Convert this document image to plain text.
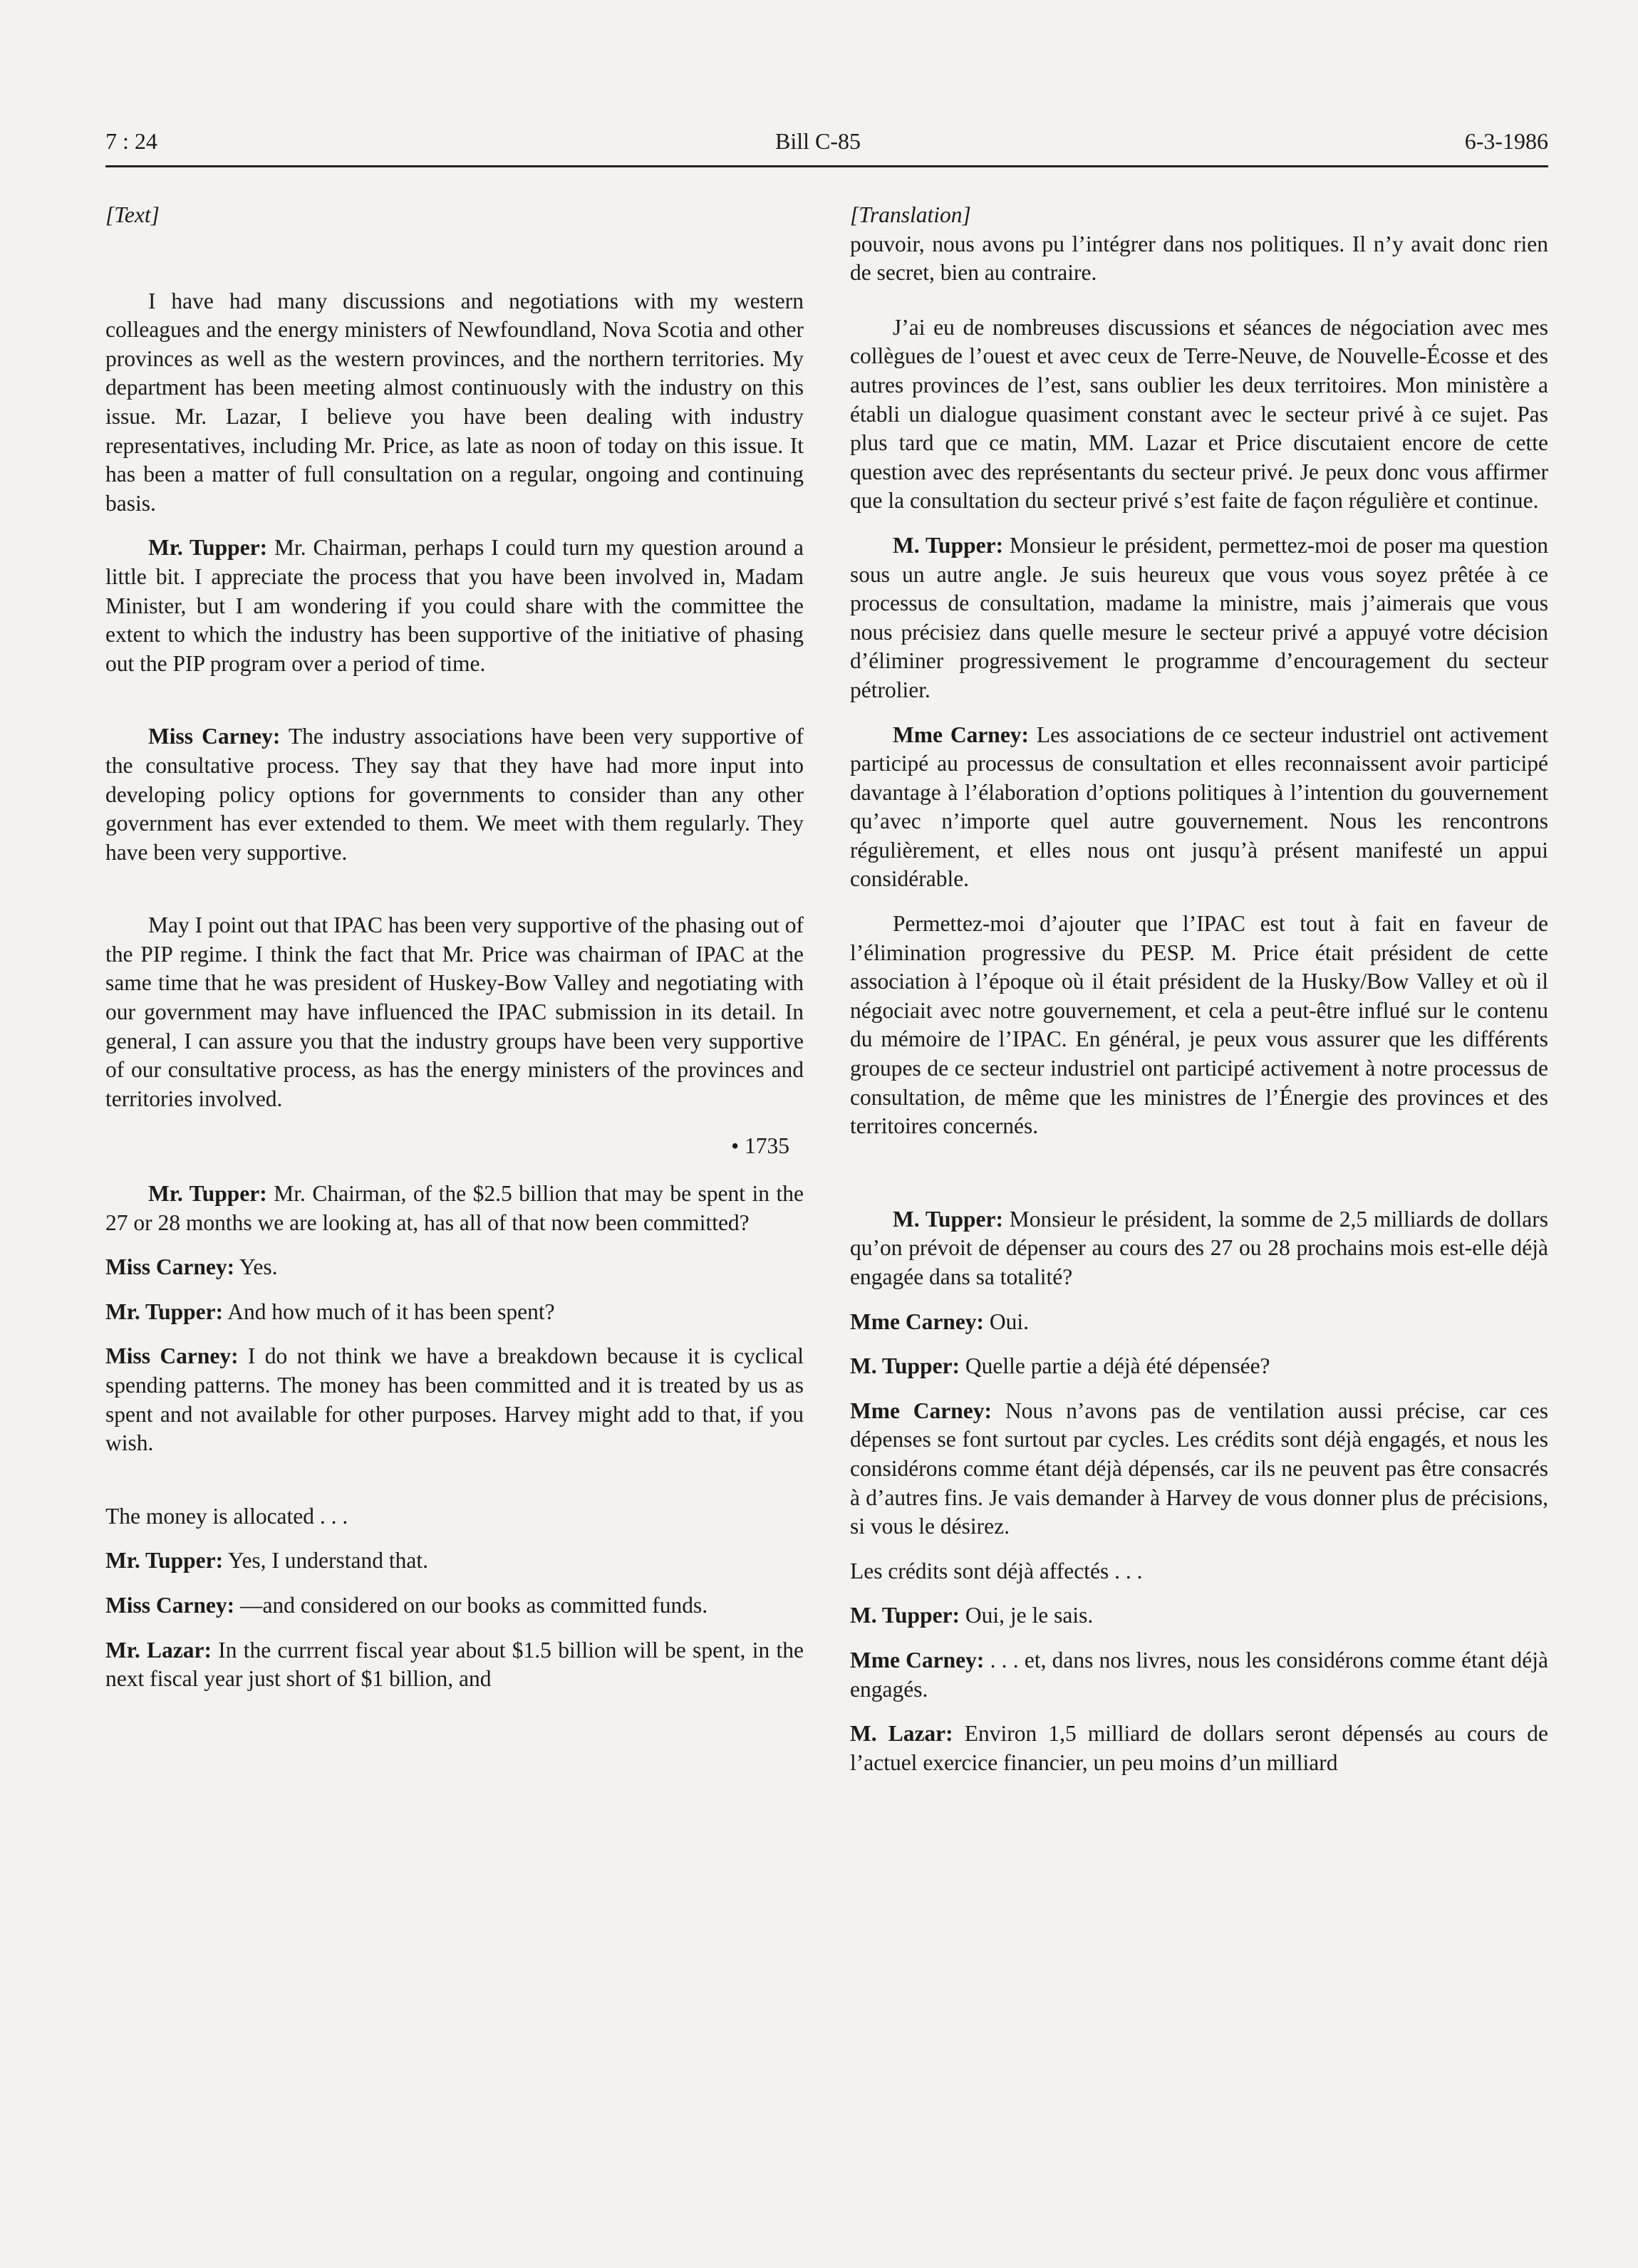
7 : 24	Bill C-85	6-3-1986
[Text]

I have had many discussions and negotiations with my western colleagues and the energy ministers of Newfoundland, Nova Scotia and other provinces as well as the western provinces, and the northern territories. My department has been meeting almost continuously with the industry on this issue. Mr. Lazar, I believe you have been dealing with industry representatives, including Mr. Price, as late as noon of today on this issue. It has been a matter of full consultation on a regular, ongoing and continuing basis.

Mr. Tupper: Mr. Chairman, perhaps I could turn my question around a little bit. I appreciate the process that you have been involved in, Madam Minister, but I am wondering if you could share with the committee the extent to which the industry has been supportive of the initiative of phasing out the PIP program over a period of time.

Miss Carney: The industry associations have been very supportive of the consultative process. They say that they have had more input into developing policy options for governments to consider than any other government has ever extended to them. We meet with them regularly. They have been very supportive.

May I point out that IPAC has been very supportive of the phasing out of the PIP regime. I think the fact that Mr. Price was chairman of IPAC at the same time that he was president of Huskey-Bow Valley and negotiating with our government may have influenced the IPAC submission in its detail. In general, I can assure you that the industry groups have been very supportive of our consultative process, as has the energy ministers of the provinces and territories involved.

• 1735

Mr. Tupper: Mr. Chairman, of the $2.5 billion that may be spent in the 27 or 28 months we are looking at, has all of that now been committed?

Miss Carney: Yes.

Mr. Tupper: And how much of it has been spent?

Miss Carney: I do not think we have a breakdown because it is cyclical spending patterns. The money has been committed and it is treated by us as spent and not available for other purposes. Harvey might add to that, if you wish.

The money is allocated . . .

Mr. Tupper: Yes, I understand that.

Miss Carney: —and considered on our books as committed funds.

Mr. Lazar: In the currrent fiscal year about $1.5 billion will be spent, in the next fiscal year just short of $1 billion, and

[Translation]

pouvoir, nous avons pu l’intégrer dans nos politiques. Il n’y avait donc rien de secret, bien au contraire.

J’ai eu de nombreuses discussions et séances de négociation avec mes collègues de l’ouest et avec ceux de Terre-Neuve, de Nouvelle-Écosse et des autres provinces de l’est, sans oublier les deux territoires. Mon ministère a établi un dialogue quasiment constant avec le secteur privé à ce sujet. Pas plus tard que ce matin, MM. Lazar et Price discutaient encore de cette question avec des représentants du secteur privé. Je peux donc vous affirmer que la consultation du secteur privé s’est faite de façon régulière et continue.

M. Tupper: Monsieur le président, permettez-moi de poser ma question sous un autre angle. Je suis heureux que vous vous soyez prêtée à ce processus de consultation, madame la ministre, mais j’aimerais que vous nous précisiez dans quelle mesure le secteur privé a appuyé votre décision d’éliminer progressivement le programme d’encouragement du secteur pétrolier.

Mme Carney: Les associations de ce secteur industriel ont activement participé au processus de consultation et elles reconnaissent avoir participé davantage à l’élaboration d’options politiques à l’intention du gouvernement qu’avec n’importe quel autre gouvernement. Nous les rencontrons régulièrement, et elles nous ont jusqu’à présent manifesté un appui considérable.

Permettez-moi d’ajouter que l’IPAC est tout à fait en faveur de l’élimination progressive du PESP. M. Price était président de cette association à l’époque où il était président de la Husky/Bow Valley et où il négociait avec notre gouvernement, et cela a peut-être influé sur le contenu du mémoire de l’IPAC. En général, je peux vous assurer que les différents groupes de ce secteur industriel ont participé activement à notre processus de consultation, de même que les ministres de l’Énergie des provinces et des territoires concernés.

M. Tupper: Monsieur le président, la somme de 2,5 milliards de dollars qu’on prévoit de dépenser au cours des 27 ou 28 prochains mois est-elle déjà engagée dans sa totalité?

Mme Carney: Oui.

M. Tupper: Quelle partie a déjà été dépensée?

Mme Carney: Nous n’avons pas de ventilation aussi précise, car ces dépenses se font surtout par cycles. Les crédits sont déjà engagés, et nous les considérons comme étant déjà dépensés, car ils ne peuvent pas être consacrés à d’autres fins. Je vais demander à Harvey de vous donner plus de précisions, si vous le désirez.

Les crédits sont déjà affectés . . .

M. Tupper: Oui, je le sais.

Mme Carney: . . . et, dans nos livres, nous les considérons comme étant déjà engagés.

M. Lazar: Environ 1,5 milliard de dollars seront dépensés au cours de l’actuel exercice financier, un peu moins d’un milliard
